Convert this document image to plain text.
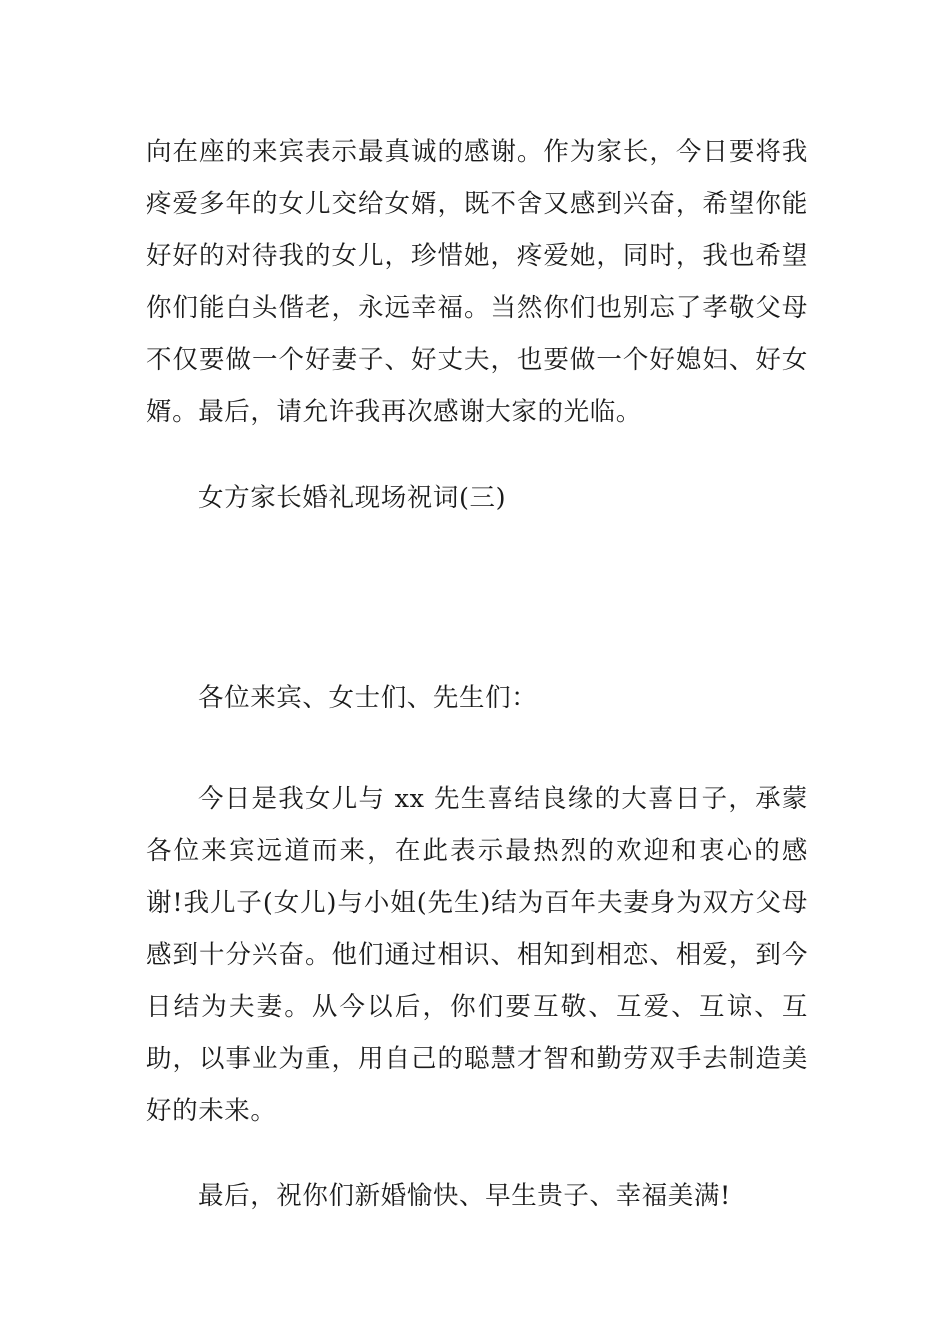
向在座的来宾表示最真诚的感谢。作为家长，今日要将我疼爱多年的女儿交给女婿，既不舍又感到兴奋，希望你能好好的对待我的女儿，珍惜她，疼爱她，同时，我也希望你们能白头偕老，永远幸福。当然你们也别忘了孝敬父母不仅要做一个好妻子、好丈夫，也要做一个好媳妇、好女婿。最后，请允许我再次感谢大家的光临。

女方家长婚礼现场祝词(三)

各位来宾、女士们、先生们：

今日是我女儿与 xx 先生喜结良缘的大喜日子，承蒙各位来宾远道而来，在此表示最热烈的欢迎和衷心的感谢!我儿子(女儿)与小姐(先生)结为百年夫妻身为双方父母感到十分兴奋。他们通过相识、相知到相恋、相爱，到今日结为夫妻。从今以后，你们要互敬、互爱、互谅、互助，以事业为重，用自己的聪慧才智和勤劳双手去制造美好的未来。

最后，祝你们新婚愉快、早生贵子、幸福美满!
